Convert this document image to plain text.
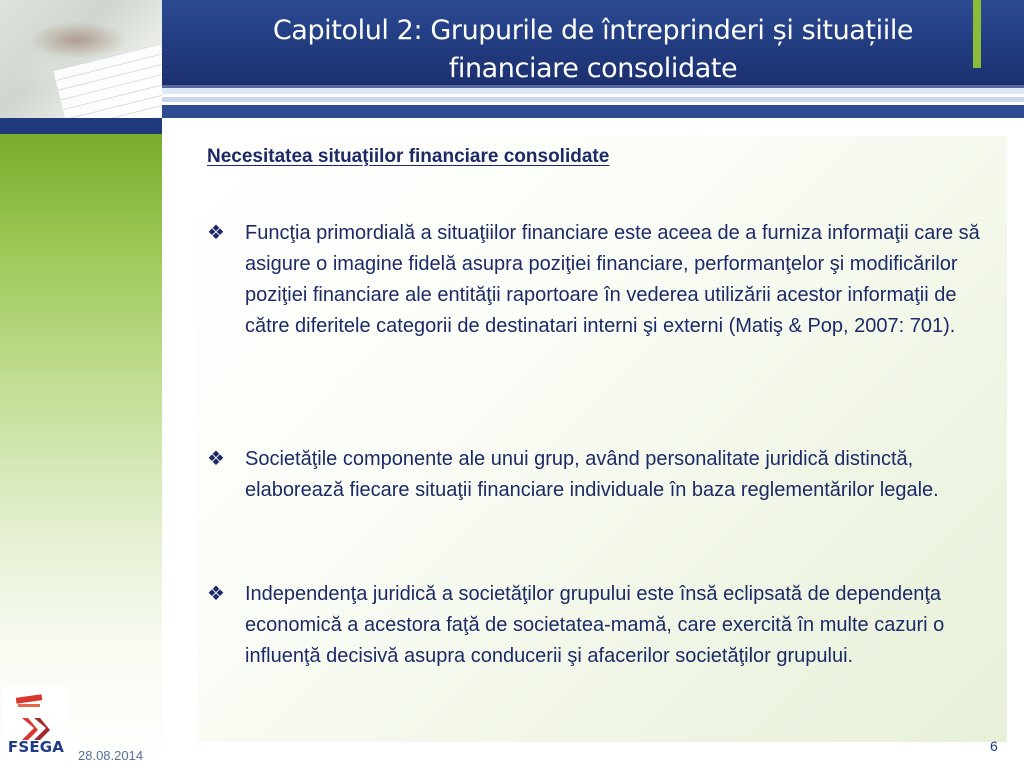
Capitolul 2: Grupurile de întreprinderi și situațiile
financiare consolidate
FSEGA 28.08.2014
Necesitatea situaţiilor financiare consolidate
❖	Funcţia primordială a situaţiilor financiare este aceea de a furniza informaţii care să asigure o imagine fidelă asupra poziţiei financiare, performanţelor şi modificărilor poziţiei financiare ale entităţii raportoare în vederea utilizării acestor informaţii de către diferitele categorii de destinatari interni şi externi (Matiş & Pop, 2007: 701).
❖	Societăţile componente ale unui grup, având personalitate juridică distinctă, elaborează fiecare situaţii financiare individuale în baza reglementărilor legale.
❖	Independenţa juridică a societăţilor grupului este însă eclipsată de dependenţa economică a acestora faţă de societatea-mamă, care exercită în multe cazuri o influenţă decisivă asupra conducerii şi afacerilor societăţilor grupului.
6
